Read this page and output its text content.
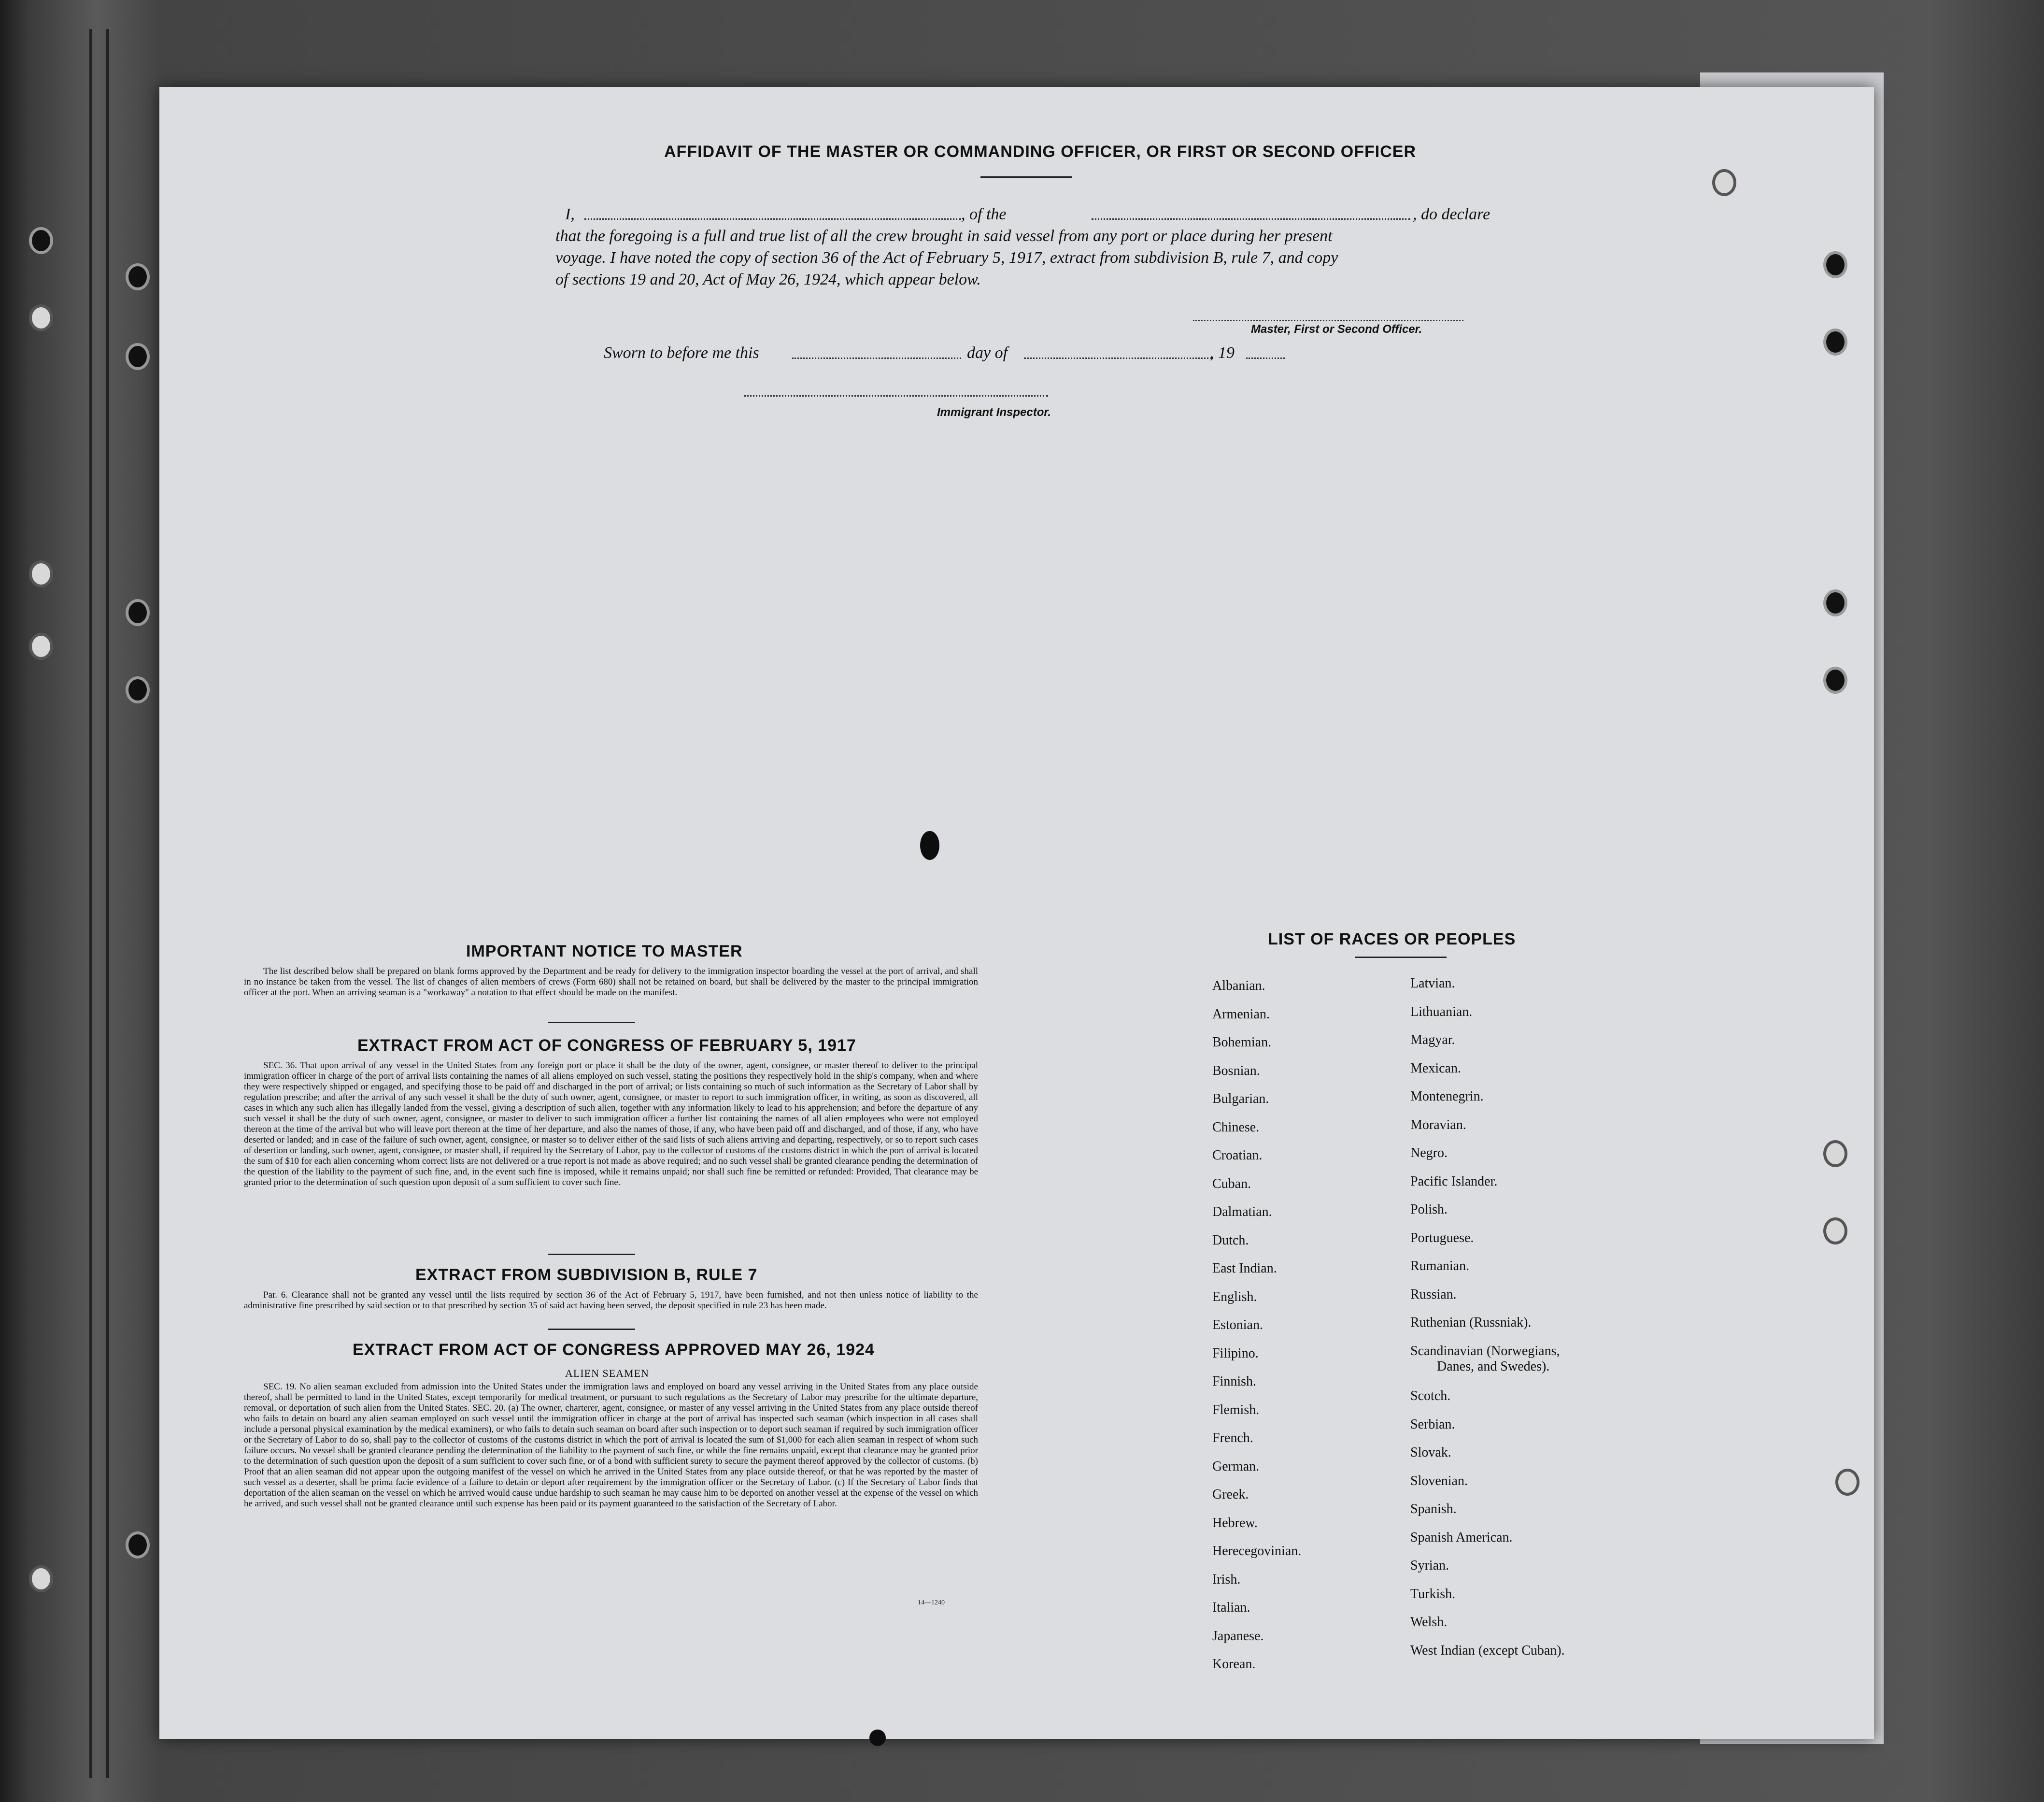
AFFIDAVIT OF THE MASTER OR COMMANDING OFFICER, OR FIRST OR SECOND OFFICER
I,	, of the	, do declare
that the foregoing is a full and true list of all the crew brought in said vessel from any port or place during her present
voyage. I have noted the copy of section 36 of the Act of February 5, 1917, extract from subdivision B, rule 7, and copy
of sections 19 and 20, Act of May 26, 1924, which appear below.
Master, First or Second Officer.
Sworn to before me this	day of	, 19
Immigrant Inspector.
IMPORTANT NOTICE TO MASTER
The list described below shall be prepared on blank forms approved by the Department and be ready for delivery to the immigration inspector boarding the vessel at the port of arrival, and shall in no instance be taken from the vessel. The list of changes of alien members of crews (Form 680) shall not be retained on board, but shall be delivered by the master to the principal immigration officer at the port. When an arriving seaman is a "workaway" a notation to that effect should be made on the manifest.
EXTRACT FROM ACT OF CONGRESS OF FEBRUARY 5, 1917
SEC. 36. That upon arrival of any vessel in the United States from any foreign port or place it shall be the duty of the owner, agent, consignee, or master thereof to deliver to the principal immigration officer in charge of the port of arrival lists containing the names of all aliens employed on such vessel, stating the positions they respectively hold in the ship's company, when and where they were respectively shipped or engaged, and specifying those to be paid off and discharged in the port of arrival; or lists containing so much of such information as the Secretary of Labor shall by regulation prescribe; and after the arrival of any such vessel it shall be the duty of such owner, agent, consignee, or master to report to such immigration officer, in writing, as soon as discovered, all cases in which any such alien has illegally landed from the vessel, giving a description of such alien, together with any information likely to lead to his apprehension; and before the departure of any such vessel it shall be the duty of such owner, agent, consignee, or master to deliver to such immigration officer a further list containing the names of all alien employees who were not employed thereon at the time of the arrival but who will leave port thereon at the time of her departure, and also the names of those, if any, who have been paid off and discharged, and of those, if any, who have deserted or landed; and in case of the failure of such owner, agent, consignee, or master so to deliver either of the said lists of such aliens arriving and departing, respectively, or so to report such cases of desertion or landing, such owner, agent, consignee, or master shall, if required by the Secretary of Labor, pay to the collector of customs of the customs district in which the port of arrival is located the sum of $10 for each alien concerning whom correct lists are not delivered or a true report is not made as above required; and no such vessel shall be granted clearance pending the determination of the question of the liability to the payment of such fine, and, in the event such fine is imposed, while it remains unpaid; nor shall such fine be remitted or refunded: Provided, That clearance may be granted prior to the determination of such question upon deposit of a sum sufficient to cover such fine.
EXTRACT FROM SUBDIVISION B, RULE 7
Par. 6. Clearance shall not be granted any vessel until the lists required by section 36 of the Act of February 5, 1917, have been furnished, and not then unless notice of liability to the administrative fine prescribed by said section or to that prescribed by section 35 of said act having been served, the deposit specified in rule 23 has been made.
EXTRACT FROM ACT OF CONGRESS APPROVED MAY 26, 1924
ALIEN SEAMEN
SEC. 19. No alien seaman excluded from admission into the United States under the immigration laws and employed on board any vessel arriving in the United States from any place outside thereof, shall be permitted to land in the United States, except temporarily for medical treatment, or pursuant to such regulations as the Secretary of Labor may prescribe for the ultimate departure, removal, or deportation of such alien from the United States. SEC. 20. (a) The owner, charterer, agent, consignee, or master of any vessel arriving in the United States from any place outside thereof who fails to detain on board any alien seaman employed on such vessel until the immigration officer in charge at the port of arrival has inspected such seaman (which inspection in all cases shall include a personal physical examination by the medical examiners), or who fails to detain such seaman on board after such inspection or to deport such seaman if required by such immigration officer or the Secretary of Labor to do so, shall pay to the collector of customs of the customs district in which the port of arrival is located the sum of $1,000 for each alien seaman in respect of whom such failure occurs. No vessel shall be granted clearance pending the determination of the liability to the payment of such fine, or while the fine remains unpaid, except that clearance may be granted prior to the determination of such question upon the deposit of a sum sufficient to cover such fine, or of a bond with sufficient surety to secure the payment thereof approved by the collector of customs. (b) Proof that an alien seaman did not appear upon the outgoing manifest of the vessel on which he arrived in the United States from any place outside thereof, or that he was reported by the master of such vessel as a deserter, shall be prima facie evidence of a failure to detain or deport after requirement by the immigration officer or the Secretary of Labor. (c) If the Secretary of Labor finds that deportation of the alien seaman on the vessel on which he arrived would cause undue hardship to such seaman he may cause him to be deported on another vessel at the expense of the vessel on which he arrived, and such vessel shall not be granted clearance until such expense has been paid or its payment guaranteed to the satisfaction of the Secretary of Labor.
14—1240
LIST OF RACES OR PEOPLES
Albanian.
Armenian.
Bohemian.
Bosnian.
Bulgarian.
Chinese.
Croatian.
Cuban.
Dalmatian.
Dutch.
East Indian.
English.
Estonian.
Filipino.
Finnish.
Flemish.
French.
German.
Greek.
Hebrew.
Herecegovinian.
Irish.
Italian.
Japanese.
Korean.
Latvian.
Lithuanian.
Magyar.
Mexican.
Montenegrin.
Moravian.
Negro.
Pacific Islander.
Polish.
Portuguese.
Rumanian.
Russian.
Ruthenian (Russniak).
Scandinavian (Norwegians,
Danes, and Swedes).
Scotch.
Serbian.
Slovak.
Slovenian.
Spanish.
Spanish American.
Syrian.
Turkish.
Welsh.
West Indian (except Cuban).
